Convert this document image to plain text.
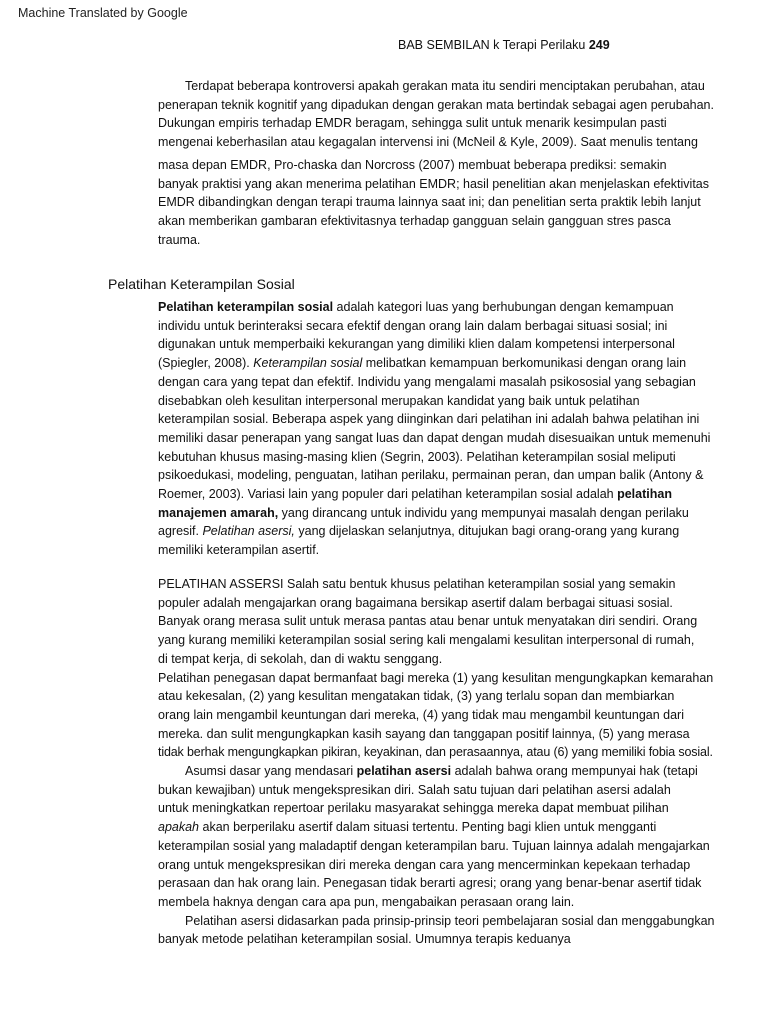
Machine Translated by Google
BAB SEMBILAN k Terapi Perilaku 249

Terdapat beberapa kontroversi apakah gerakan mata itu sendiri menciptakan perubahan, atau

penerapan teknik kognitif yang dipadukan dengan gerakan mata bertindak sebagai agen perubahan.

Dukungan empiris terhadap EMDR beragam, sehingga sulit untuk menarik kesimpulan pasti

mengenai keberhasilan atau kegagalan intervensi ini (McNeil & Kyle, 2009). Saat menulis tentang

masa depan EMDR, Pro-chaska dan Norcross (2007) membuat beberapa prediksi: semakin

banyak praktisi yang akan menerima pelatihan EMDR; hasil penelitian akan menjelaskan efektivitas

EMDR dibandingkan dengan terapi trauma lainnya saat ini; dan penelitian serta praktik lebih lanjut

akan memberikan gambaran efektivitasnya terhadap gangguan selain gangguan stres pasca

trauma.

Pelatihan Keterampilan Sosial

Pelatihan keterampilan sosial adalah kategori luas yang berhubungan dengan kemampuan

individu untuk berinteraksi secara efektif dengan orang lain dalam berbagai situasi sosial; ini

digunakan untuk memperbaiki kekurangan yang dimiliki klien dalam kompetensi interpersonal

(Spiegler, 2008). Keterampilan sosial melibatkan kemampuan berkomunikasi dengan orang lain

dengan cara yang tepat dan efektif. Individu yang mengalami masalah psikososial yang sebagian

disebabkan oleh kesulitan interpersonal merupakan kandidat yang baik untuk pelatihan

keterampilan sosial. Beberapa aspek yang diinginkan dari pelatihan ini adalah bahwa pelatihan ini

memiliki dasar penerapan yang sangat luas dan dapat dengan mudah disesuaikan untuk memenuhi

kebutuhan khusus masing-masing klien (Segrin, 2003). Pelatihan keterampilan sosial meliputi

psikoedukasi, modeling, penguatan, latihan perilaku, permainan peran, dan umpan balik (Antony &

Roemer, 2003). Variasi lain yang populer dari pelatihan keterampilan sosial adalah pelatihan

manajemen amarah, yang dirancang untuk individu yang mempunyai masalah dengan perilaku

agresif. Pelatihan asersi, yang dijelaskan selanjutnya, ditujukan bagi orang-orang yang kurang

memiliki keterampilan asertif.

PELATIHAN ASSERSI Salah satu bentuk khusus pelatihan keterampilan sosial yang semakin

populer adalah mengajarkan orang bagaimana bersikap asertif dalam berbagai situasi sosial.

Banyak orang merasa sulit untuk merasa pantas atau benar untuk menyatakan diri sendiri. Orang

yang kurang memiliki keterampilan sosial sering kali mengalami kesulitan interpersonal di rumah,

di tempat kerja, di sekolah, dan di waktu senggang.

Pelatihan penegasan dapat bermanfaat bagi mereka (1) yang kesulitan mengungkapkan kemarahan

atau kekesalan, (2) yang kesulitan mengatakan tidak, (3) yang terlalu sopan dan membiarkan

orang lain mengambil keuntungan dari mereka, (4) yang tidak mau mengambil keuntungan dari

mereka. dan sulit mengungkapkan kasih sayang dan tanggapan positif lainnya, (5) yang merasa

tidak berhak mengungkapkan pikiran, keyakinan, dan perasaannya, atau (6) yang memiliki fobia sosial.

Asumsi dasar yang mendasari pelatihan asersi adalah bahwa orang mempunyai hak (tetapi

bukan kewajiban) untuk mengekspresikan diri. Salah satu tujuan dari pelatihan asersi adalah

untuk meningkatkan repertoar perilaku masyarakat sehingga mereka dapat membuat pilihan

apakah akan berperilaku asertif dalam situasi tertentu. Penting bagi klien untuk mengganti

keterampilan sosial yang maladaptif dengan keterampilan baru. Tujuan lainnya adalah mengajarkan

orang untuk mengekspresikan diri mereka dengan cara yang mencerminkan kepekaan terhadap

perasaan dan hak orang lain. Penegasan tidak berarti agresi; orang yang benar-benar asertif tidak

membela haknya dengan cara apa pun, mengabaikan perasaan orang lain.

Pelatihan asersi didasarkan pada prinsip-prinsip teori pembelajaran sosial dan menggabungkan

banyak metode pelatihan keterampilan sosial. Umumnya terapis keduanya
